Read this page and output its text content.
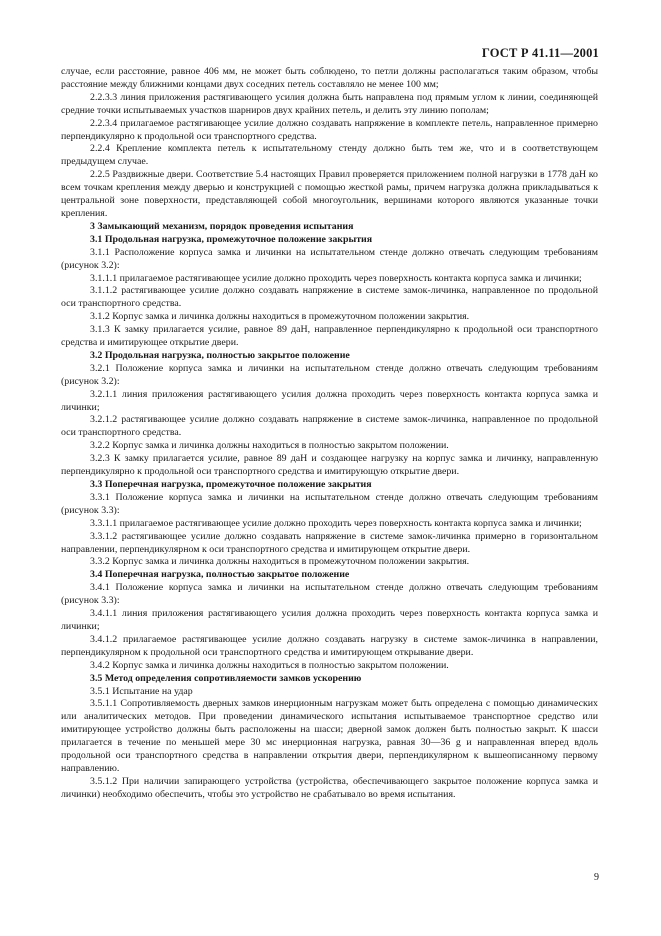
ГОСТ Р 41.11—2001

случае, если расстояние, равное 406 мм, не может быть соблюдено, то петли должны располагаться таким образом, чтобы расстояние между ближними концами двух соседних петель составляло не менее 100 мм;

2.2.3.3 линия приложения растягивающего усилия должна быть направлена под прямым углом к линии, соединяющей средние точки испытываемых участков шарниров двух крайних петель, и делить эту линию пополам;

2.2.3.4 прилагаемое растягивающее усилие должно создавать напряжение в комплекте петель, направленное примерно перпендикулярно к продольной оси транспортного средства.

2.2.4 Крепление комплекта петель к испытательному стенду должно быть тем же, что и в соответствующем предыдущем случае.

2.2.5 Раздвижные двери. Соответствие 5.4 настоящих Правил проверяется приложением полной нагрузки в 1778 даН ко всем точкам крепления между дверью и конструкцией с помощью жесткой рамы, причем нагрузка должна прикладываться к центральной зоне поверхности, представляющей собой многоугольник, вершинами которого являются указанные точки крепления.

3 Замыкающий механизм, порядок проведения испытания

3.1 Продольная нагрузка, промежуточное положение закрытия

3.1.1 Расположение корпуса замка и личинки на испытательном стенде должно отвечать следующим требованиям (рисунок 3.2):

3.1.1.1 прилагаемое растягивающее усилие должно проходить через поверхность контакта корпуса замка и личинки;

3.1.1.2 растягивающее усилие должно создавать напряжение в системе замок-личинка, направленное по продольной оси транспортного средства.

3.1.2 Корпус замка и личинка должны находиться в промежуточном положении закрытия.

3.1.3 К замку прилагается усилие, равное 89 даН, направленное перпендикулярно к продольной оси транспортного средства и имитирующее открытие двери.

3.2 Продольная нагрузка, полностью закрытое положение

3.2.1 Положение корпуса замка и личинки на испытательном стенде должно отвечать следующим требованиям (рисунок 3.2):

3.2.1.1 линия приложения растягивающего усилия должна проходить через поверхность контакта корпуса замка и личинки;

3.2.1.2 растягивающее усилие должно создавать напряжение в системе замок-личинка, направленное по продольной оси транспортного средства.

3.2.2 Корпус замка и личинка должны находиться в полностью закрытом положении.

3.2.3 К замку прилагается усилие, равное 89 даН и создающее нагрузку на корпус замка и личинку, направленную перпендикулярно к продольной оси транспортного средства и имитирующую открытие двери.

3.3 Поперечная нагрузка, промежуточное положение закрытия

3.3.1 Положение корпуса замка и личинки на испытательном стенде должно отвечать следующим требованиям (рисунок 3.3):

3.3.1.1 прилагаемое растягивающее усилие должно проходить через поверхность контакта корпуса замка и личинки;

3.3.1.2 растягивающее усилие должно создавать напряжение в системе замок-личинка примерно в горизонтальном направлении, перпендикулярном к оси транспортного средства и имитирующем открытие двери.

3.3.2 Корпус замка и личинка должны находиться в промежуточном положении закрытия.

3.4 Поперечная нагрузка, полностью закрытое положение

3.4.1 Положение корпуса замка и личинки на испытательном стенде должно отвечать следующим требованиям (рисунок 3.3):

3.4.1.1 линия приложения растягивающего усилия должна проходить через поверхность контакта корпуса замка и личинки;

3.4.1.2 прилагаемое растягивающее усилие должно создавать нагрузку в системе замок-личинка в направлении, перпендикулярном к продольной оси транспортного средства и имитирующем открывание двери.

3.4.2 Корпус замка и личинка должны находиться в полностью закрытом положении.

3.5 Метод определения сопротивляемости замков ускорению

3.5.1 Испытание на удар

3.5.1.1 Сопротивляемость дверных замков инерционным нагрузкам может быть определена с помощью динамических или аналитических методов. При проведении динамического испытания испытываемое транспортное средство или имитирующее устройство должны быть расположены на шасси; дверной замок должен быть полностью закрыт. К шасси прилагается в течение по меньшей мере 30 мс инерционная нагрузка, равная 30—36 g и направленная вперед вдоль продольной оси транспортного средства в направлении открытия двери, перпендикулярном к вышеописанному первому направлению.

3.5.1.2 При наличии запирающего устройства (устройства, обеспечивающего закрытое положение корпуса замка и личинки) необходимо обеспечить, чтобы это устройство не срабатывало во время испытания.

9
